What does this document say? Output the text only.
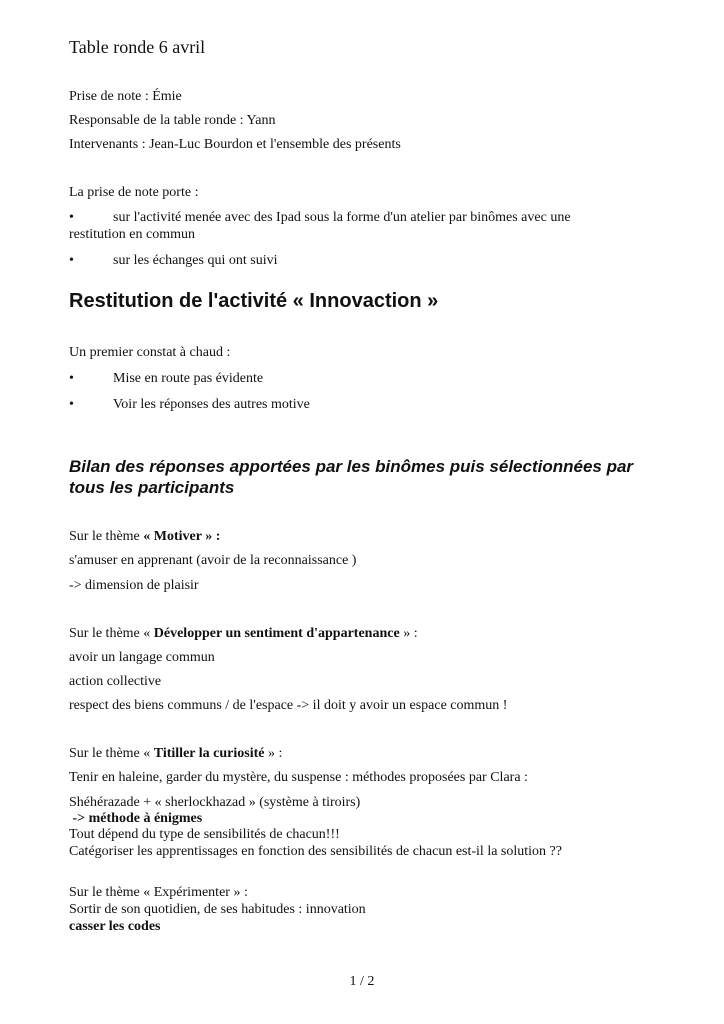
Table ronde 6 avril
Prise de note : Émie
Responsable de la table ronde : Yann
Intervenants : Jean-Luc Bourdon et l'ensemble des présents
La prise de note porte :
•	sur l'activité menée avec des Ipad sous la forme d'un atelier par binômes avec une restitution en commun
•	sur les échanges qui ont suivi
Restitution de l'activité « Innovaction »
Un premier constat à chaud :
•	Mise en route pas évidente
•	Voir les réponses des autres motive
Bilan des réponses apportées par les binômes puis sélectionnées par tous les participants
Sur le thème « Motiver » :
s'amuser en apprenant (avoir de la reconnaissance )
-> dimension de plaisir
Sur le thème « Développer un sentiment d'appartenance » :
avoir un langage commun
action collective
respect des biens communs / de l'espace -> il doit y avoir un espace commun !
Sur le thème « Titiller la curiosité » :
Tenir en haleine, garder du mystère, du suspense : méthodes proposées par Clara :
Shéhérazade + « sherlockhazad » (système à tiroirs)
-> méthode à énigmes
Tout dépend du type de sensibilités de chacun!!!
Catégoriser les apprentissages en fonction des sensibilités de chacun est-il la solution ??
Sur le thème « Expérimenter » :
Sortir de son quotidien, de ses habitudes : innovation
casser les codes
1 / 2
